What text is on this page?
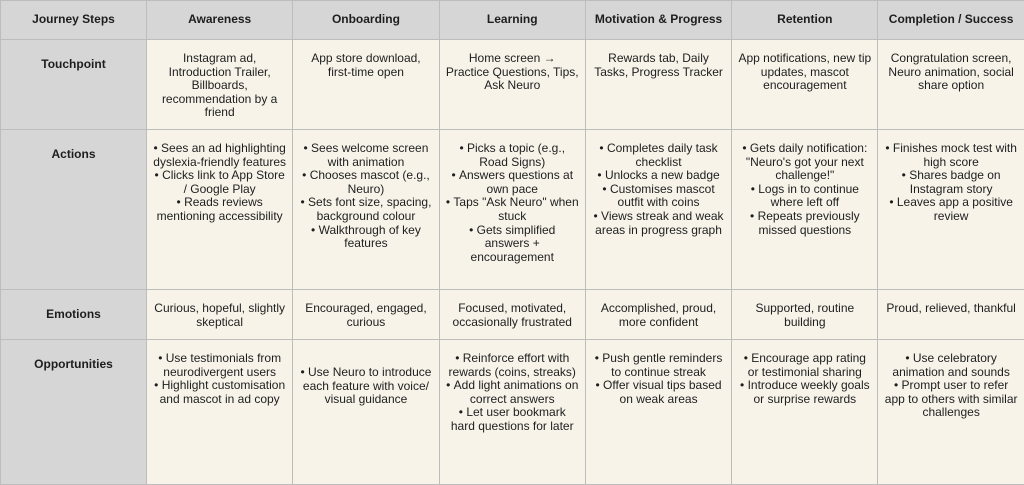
Journey Steps	Awareness	Onboarding	Learning	Motivation & Progress	Retention	Completion / Success
Touchpoint	Instagram ad, Introduction Trailer, Billboards, recommendation by a friend	App store download, first-time open	Home screen → Practice Questions, Tips, Ask Neuro	Rewards tab, Daily Tasks, Progress Tracker	App notifications, new tip updates, mascot encouragement	Congratulation screen, Neuro animation, social share option
Actions	• Sees an ad highlighting dyslexia-friendly features
• Clicks link to App Store / Google Play
• Reads reviews mentioning accessibility	• Sees welcome screen with animation
• Chooses mascot (e.g., Neuro)
• Sets font size, spacing, background colour
• Walkthrough of key features	• Picks a topic (e.g., Road Signs)
• Answers questions at own pace
• Taps "Ask Neuro" when stuck
• Gets simplified answers + encouragement	• Completes daily task checklist
• Unlocks a new badge
• Customises mascot outfit with coins
• Views streak and weak areas in progress graph	• Gets daily notification: "Neuro's got your next challenge!"
• Logs in to continue where left off
• Repeats previously missed questions	• Finishes mock test with high score
• Shares badge on Instagram story
• Leaves app a positive review

Emotions	Curious, hopeful, slightly skeptical	Encouraged, engaged, curious	Focused, motivated, occasionally frustrated	Accomplished, proud, more confident	Supported, routine building	Proud, relieved, thankful
Opportunities	• Use testimonials from neurodivergent users
• Highlight customisation and mascot in ad copy	• Use Neuro to introduce each feature with voice/ visual guidance	• Reinforce effort with rewards (coins, streaks)
• Add light animations on correct answers
• Let user bookmark hard questions for later	• Push gentle reminders to continue streak
• Offer visual tips based on weak areas	• Encourage app rating or testimonial sharing
• Introduce weekly goals or surprise rewards	• Use celebratory animation and sounds
• Prompt user to refer app to others with similar challenges
